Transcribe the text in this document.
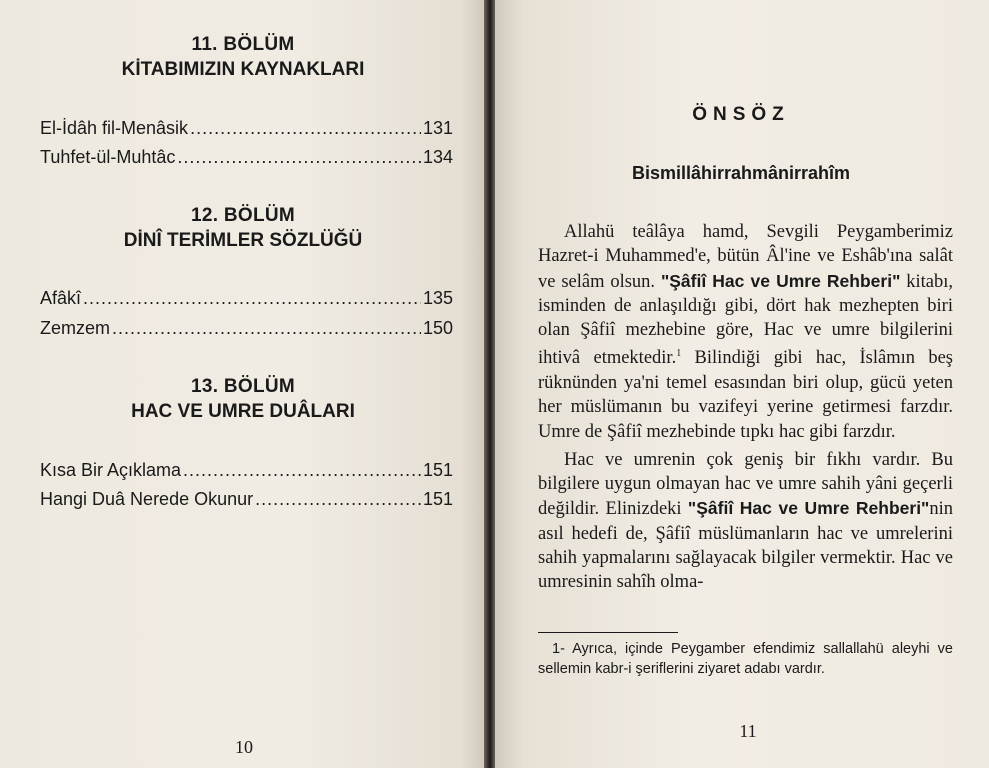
11. BÖLÜM
KİTABIMIZIN KAYNAKLARI
El-İdâh fil-Menâsik .....	131
Tuhfet-ül-Muhtâc .....	134
12. BÖLÜM
DİNÎ TERİMLER SÖZLÜĞÜ
Afâkî .....	135
Zemzem .....	150
13. BÖLÜM
HAC VE UMRE DUÂLARI
Kısa Bir Açıklama .....	151
Hangi Duâ Nerede Okunur .....	151
10
ÖNSÖZ
Bismillâhirrahmânirrahîm

Allahü teâlâya hamd, Sevgili Peygamberimiz Hazret-i Muhammed'e, bütün Âl'ine ve Eshâb'ına salât ve selâm olsun. "Şâfiî Hac ve Umre Rehberi" kitabı, isminden de anlaşıldığı gibi, dört hak mezhepten biri olan Şâfiî mezhebine göre, Hac ve umre bilgilerini ihtivâ etmektedir.$^1$ Bilindiği gibi hac, İslâmın beş rüknünden ya'ni temel esasından biri olup, gücü yeten her müslümanın bu vazifeyi yerine getirmesi farzdır. Umre de Şâfiî mezhebinde tıpkı hac gibi farzdır.

Hac ve umrenin çok geniş bir fıkhı vardır. Bu bilgilere uygun olmayan hac ve umre sahih yâni geçerli değildir. Elinizdeki "Şâfiî Hac ve Umre Rehberi"nin asıl hedefi de, Şâfiî müslümanların hac ve umrelerini sahih yapmalarını sağlayacak bilgiler vermektir. Hac ve umresinin sahîh olma-

1- Ayrıca, içinde Peygamber efendimiz sallallahü aleyhi ve sellemin kabr-i şeriflerini ziyaret adabı vardır.

11
